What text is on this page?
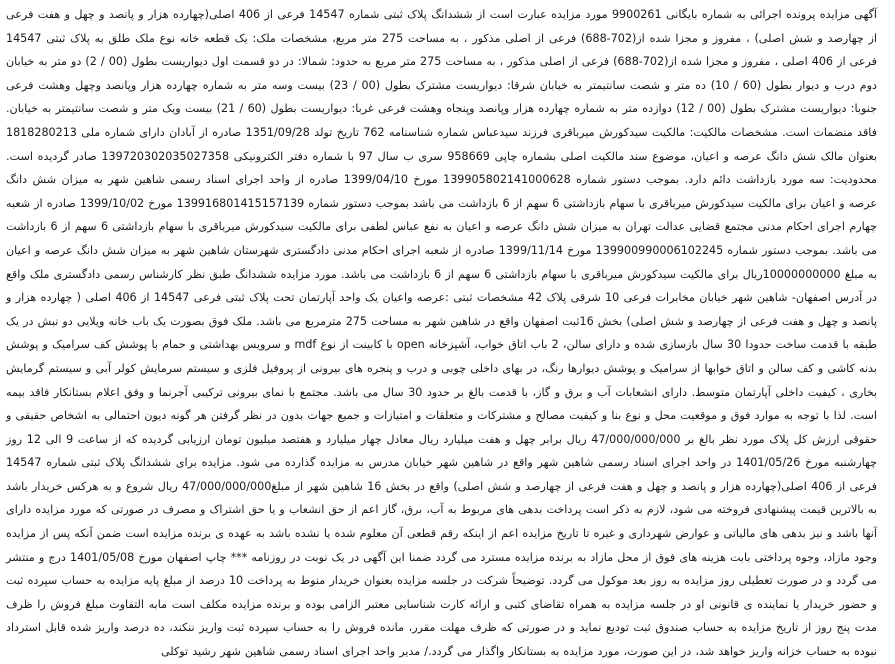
آگهی مزایده پرونده اجرائی به شماره بایگانی 9900261 مورد مزایده عبارت است از ششدانگ پلاک ثبتی شماره 14547 فرعی از 406 اصلی(چهارده هزار و پانصد و چهل و هفت فرعی از چهارصد و شش اصلی) ، مفروز و مجزا شده از(702-688) فرعی از اصلی مذکور ، به مساحت 275 متر مربع، مشخصات ملک: یک قطعه خانه نوع ملک طلق به پلاک ثبتی 14547 فرعی از 406 اصلی ، مفروز و مجزا شده از(702-688) فرعی از اصلی مذکور ، به مساحت 275 متر مربع به حدود: شمالا: در دو قسمت اول دیواریست بطول (00 / 2) دو متر به خیابان دوم درب و دیوار بطول (60 / 10) ده متر و شصت سانتیمتر به خیابان شرقا: دیواریست مشترک بطول (00 / 23) بیست وسه متر به شماره چهارده هزار وپانصد وچهل وهشت فرعی جنوبا: دیواریست مشترک بطول (00 / 12) دوازده متر به شماره چهارده هزار وپانصد وپنجاه وهشت فرعی غربا: دیواریست بطول (60 / 21) بیست ویک متر و شصت سانتیمتر به خیابان. فاقد منضمات است. مشخصات مالکیت: مالکیت سیدکورش میرباقری فرزند سیدعباس شماره شناسنامه 762 تاریخ تولد 1351/09/28 صادره از آبادان دارای شماره ملی 1818280213 بعنوان مالک شش دانگ عرصه و اعیان، موضوع سند مالکیت اصلی بشماره چاپی 958669 سری ب سال 97 با شماره دفتر الکترونیکی 139720302035027358 صادر گردیده است. محدودیت: سه مورد بازداشت دائم دارد. بموجب دستور شماره 139905802141000628 مورخ 1399/04/10 صادره از واحد اجرای اسناد رسمی شاهین شهر به میزان شش دانگ عرصه و اعیان برای مالکیت سیدکورش میرباقری با سهام بازداشتی 6 سهم از 6 بازداشت می باشد بموجب دستور شماره 139916801415157139 مورخ 1399/10/02 صادره از شعبه چهارم اجرای احکام مدنی مجتمع قضایی عدالت تهران به میزان شش دانگ عرصه و اعیان به نفع عباس لطفی برای مالکیت سیدکورش میرباقری با سهام بازداشتی 6 سهم از 6 بازداشت می باشد. بموجب دستور شماره 139900990006102245 مورخ 1399/11/14 صادره از شعبه اجرای احکام مدنی دادگستری شهرستان شاهین شهر به میزان شش دانگ عرصه و اعیان به مبلغ 10000000000ریال برای مالکیت سیدکورش میرباقری با سهام بازداشتی 6 سهم از 6 بازداشت می باشد. مورد مزایده ششدانگ طبق نظر کارشناس رسمی دادگستری ملک واقع در آدرس اصفهان- شاهین شهر خیابان مخابرات فرعی 10 شرقی پلاک 42 مشخصات ثبتی :عرصه واعیان یک واحد آپارتمان تحت پلاک ثبتی فرعی 14547 از 406 اصلی ( چهارده هزار و پانصد و چهل و هفت فرعی از چهارصد و شش اصلی) بخش 16ثبت اصفهان واقع در شاهین شهر به مساحت 275 مترمربع می باشد. ملک فوق بصورت یک باب خانه ویلایی دو نبش در یک طبقه با قدمت ساخت حدودا 30 سال بازسازی شده و دارای سالن، 2 باب اتاق خواب، آشپزخانه open با کابینت از نوع mdf و سرویس بهداشتی و حمام با پوشش کف سرامیک و پوشش بدنه کاشی و کف سالن و اتاق خوابها از سرامیک و پوشش دیوارها رنگ، در بهای داخلی چوبی و درب و پنجره های بیرونی از پروفیل فلزی و سیستم سرمایش کولر آبی و سیستم گرمایش بخاری ، کیفیت داخلی آپارتمان متوسط. دارای انشعابات آب و برق و گاز، با قدمت بالغ بر حدود 30 سال می باشد. مجتمع با نمای بیرونی ترکیبی آجرنما و وفق اعلام بستانکار فاقد بیمه است. لذا با توجه به موارد فوق و موقعیت محل و نوع بنا و کیفیت مصالح و مشترکات و متعلقات و امتیازات و جمیع جهات بدون در نظر گرفتن هر گونه دیون احتمالی به اشخاص حقیقی و حقوقی ارزش کل پلاک مورد نظر بالغ بر 47/000/000/000 ریال برابر چهل و هفت میلیارد ریال معادل چهار میلیارد و هفتصد میلیون تومان ارزیابی گردیده که از ساعت 9 الی 12 روز چهارشنبه مورخ 1401/05/26 در واحد اجرای اسناد رسمی شاهین شهر واقع در شاهین شهر خیابان مدرس به مزایده گذارده می شود. مزایده برای ششدانگ پلاک ثبتی شماره 14547 فرعی از 406 اصلی(چهارده هزار و پانصد و چهل و هفت فرعی از چهارصد و شش اصلی) واقع در بخش 16 شاهین شهر از مبلغ47/000/000/000 ریال شروع و به هرکس خریدار باشد به بالاترین قیمت پیشنهادی فروخته می شود، لازم به ذکر است پرداخت بدهی های مربوط به آب، برق، گاز اعم از حق انشعاب و یا حق اشتراک و مصرف در صورتی که مورد مزایده دارای آنها باشد و نیز بدهی های مالیاتی و عوارض شهرداری و غیره تا تاریخ مزایده اعم از اینکه رقم قطعی آن معلوم شده یا نشده باشد به عهده ی برنده مزایده است ضمن آنکه پس از مزایده وجود مازاد، وجوه پرداختی بابت هزینه های فوق از محل مازاد به برنده مزایده مسترد می گردد ضمنا این آگهی در یک نوبت در روزنامه *** چاپ اصفهان مورخ 1401/05/08 درج و منتشر می گردد و در صورت تعطیلی روز مزایده به روز بعد موکول می گردد. توضیحاً شرکت در جلسه مزایده بعنوان خریدار منوط به پرداخت 10 درصد از مبلغ پایه مزایده به حساب سپرده ثبت و حضور خریدار یا نماینده ی قانونی او در جلسه مزایده به همراه تقاضای کتبی و ارائه کارت شناسایی معتبر الزامی بوده و برنده مزایده مکلف است مابه التفاوت مبلغ فروش را ظرف مدت پنج روز از تاریخ مزایده به حساب صندوق ثبت تودیع نماید و در صورتی که ظرف مهلت مقرر، مانده فروش را به حساب سپرده ثبت واریز ننکند، ده درصد واریز شده قابل استرداد نبوده به حساب خزانه واریز خواهد شد، در این صورت، مورد مزایده به بستانکار واگذار می گردد./ مدیر واحد اجرای اسناد رسمی شاهین شهر رشید توکلی
